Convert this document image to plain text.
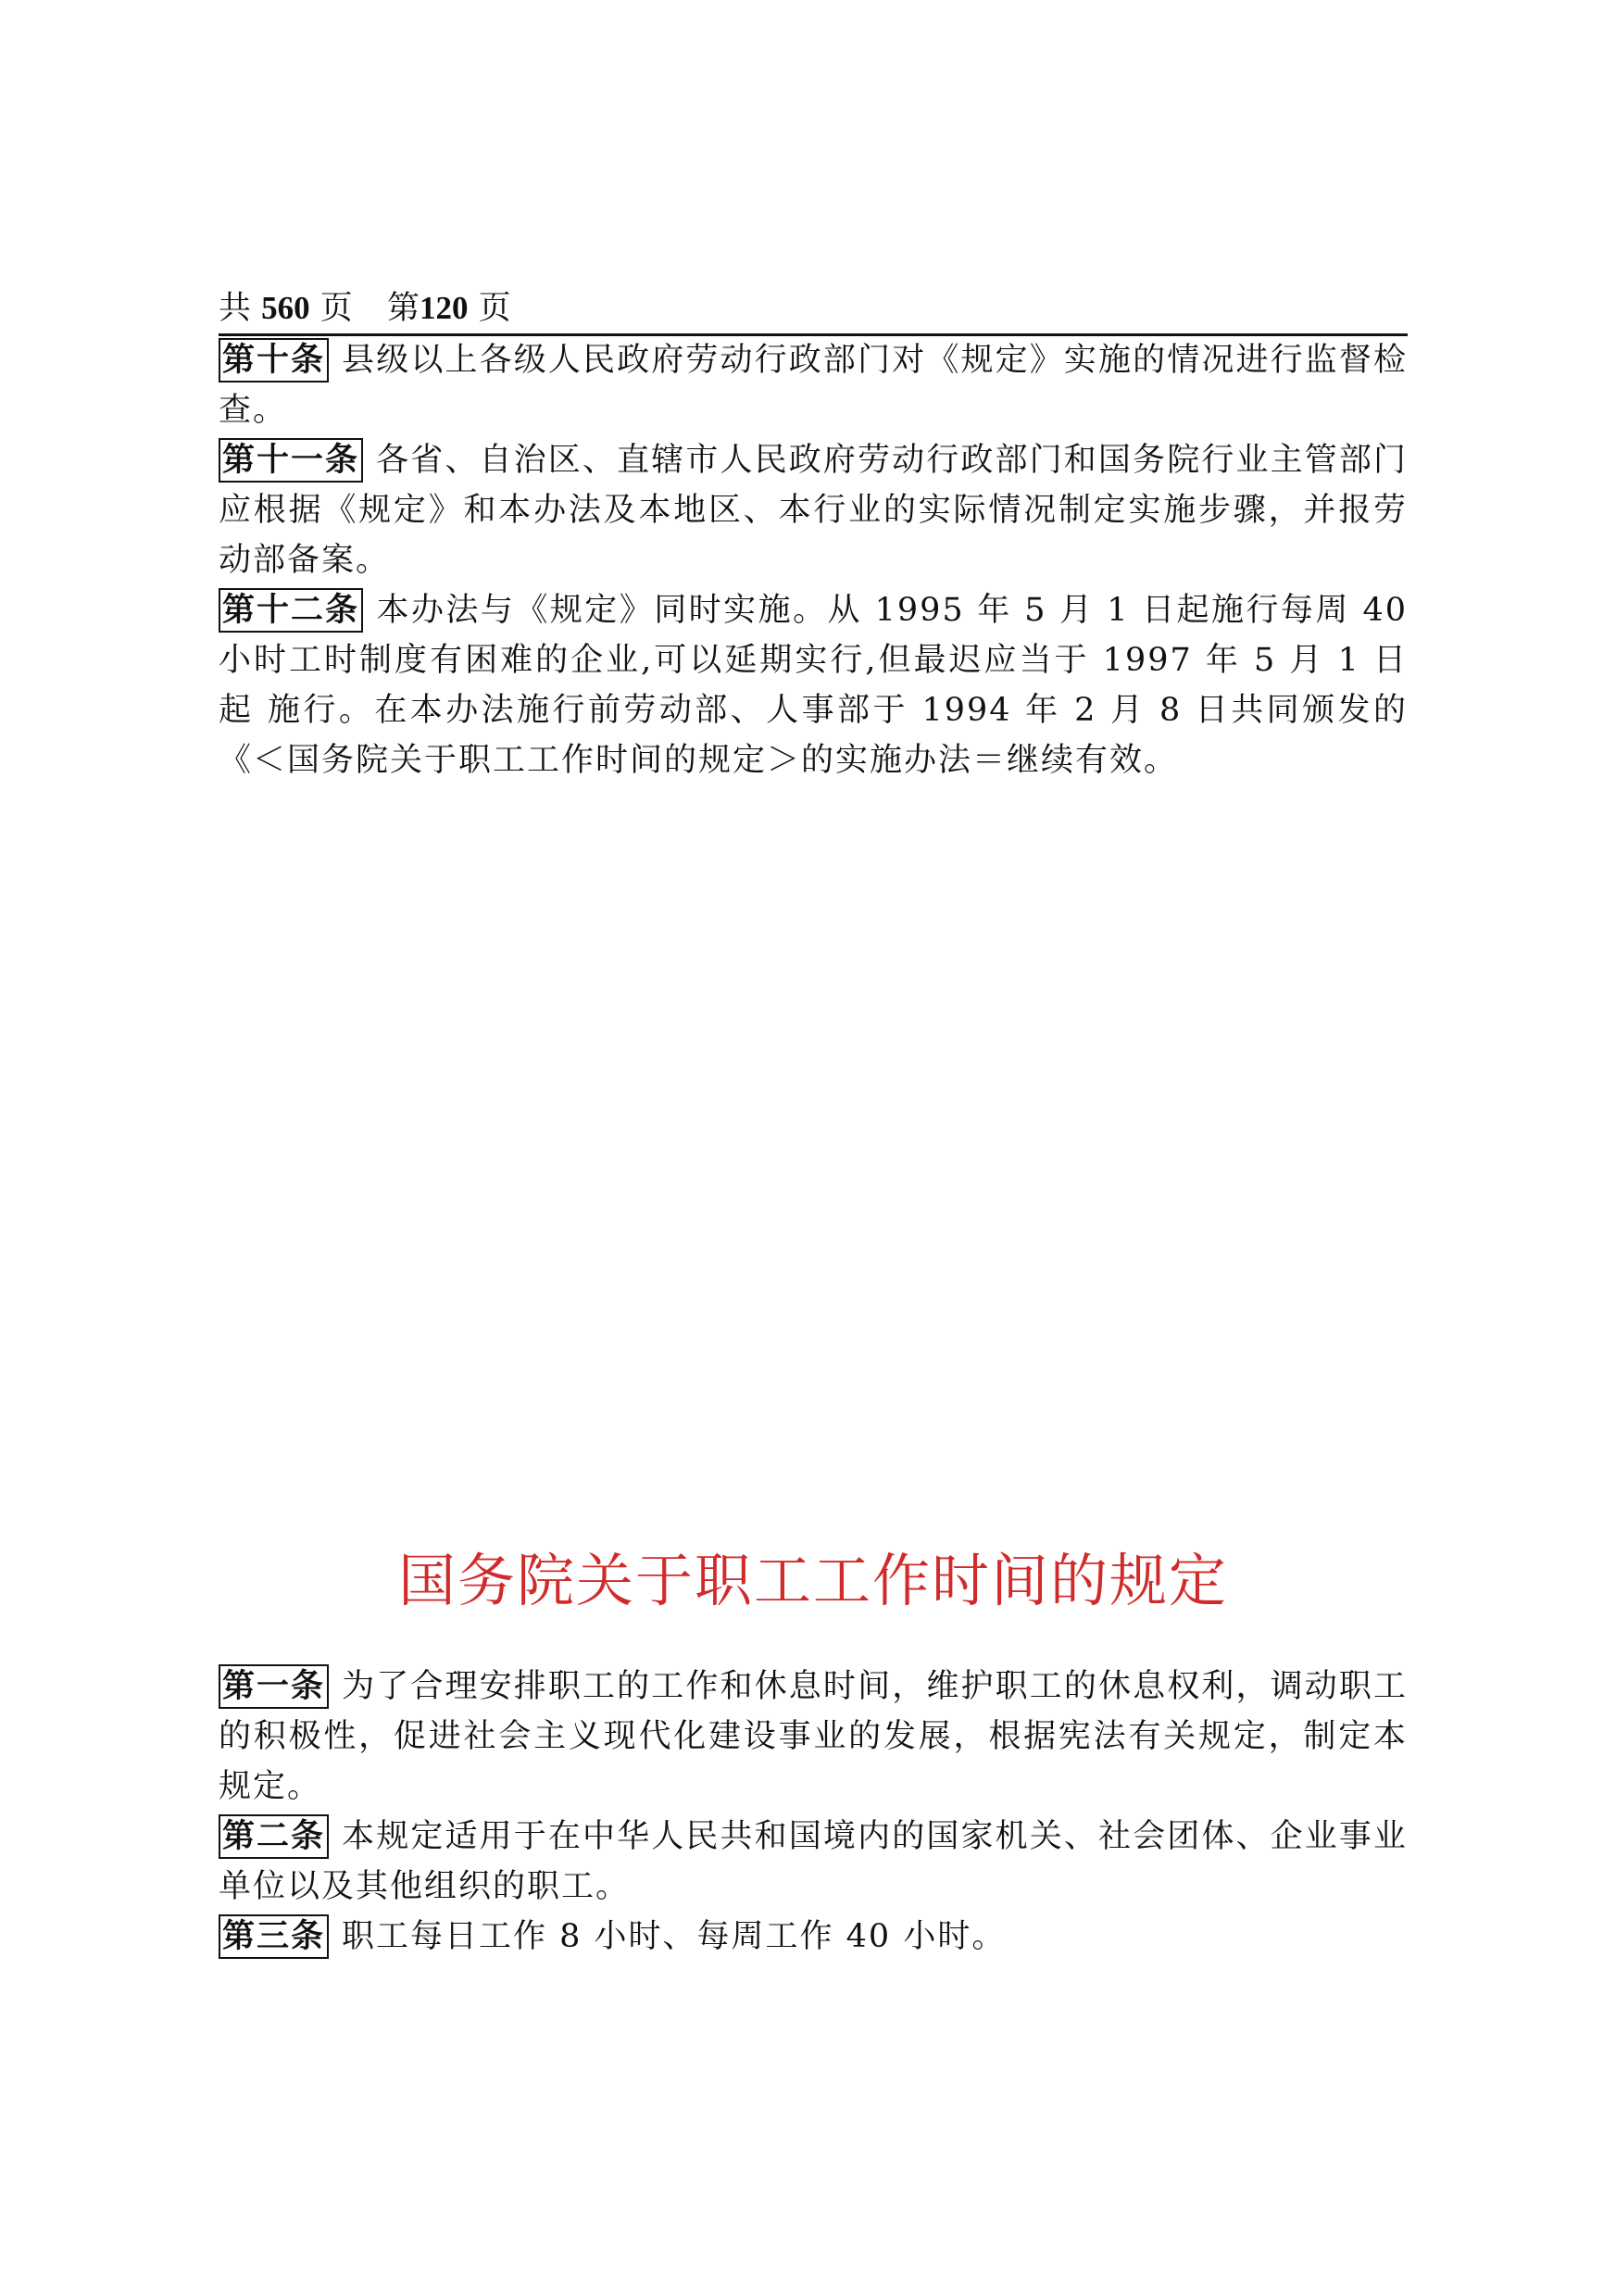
共 560 页 第120 页
第十条 县级以上各级人民政府劳动行政部门对《规定》实施的情况进行监督检查。
第十一条 各省、自治区、直辖市人民政府劳动行政部门和国务院行业主管部门应根据《规定》和本办法及本地区、本行业的实际情况制定实施步骤，并报劳动部备案。
第十二条 本办法与《规定》同时实施。从 1995 年 5 月 1 日起施行每周 40 小时工时制度有困难的企业,可以延期实行,但最迟应当于 1997 年 5 月 1 日起 施行。在本办法施行前劳动部、人事部于 1994 年 2 月 8 日共同颁发的《＜国务院关于职工工作时间的规定＞的实施办法＝继续有效。
国务院关于职工工作时间的规定
第一条 为了合理安排职工的工作和休息时间，维护职工的休息权利，调动职工的积极性，促进社会主义现代化建设事业的发展，根据宪法有关规定，制定本规定。
第二条 本规定适用于在中华人民共和国境内的国家机关、社会团体、企业事业单位以及其他组织的职工。
第三条 职工每日工作 8 小时、每周工作 40 小时。
